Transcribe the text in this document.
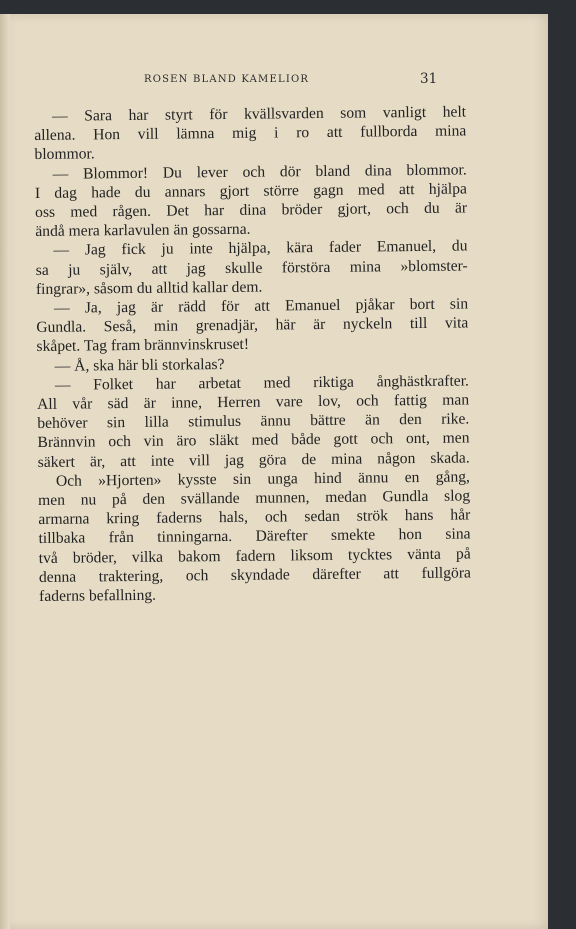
ROSEN BLAND KAMELIOR	31
— Sara har styrt för kvällsvarden som vanligt helt
allena. Hon vill lämna mig i ro att fullborda mina
blommor.
— Blommor! Du lever och dör bland dina blommor.
I dag hade du annars gjort större gagn med att hjälpa
oss med rågen. Det har dina bröder gjort, och du är
ändå mera karlavulen än gossarna.
— Jag fick ju inte hjälpa, kära fader Emanuel, du
sa ju själv, att jag skulle förstöra mina »blomster-
fingrar», såsom du alltid kallar dem.
— Ja, jag är rädd för att Emanuel pjåkar bort sin
Gundla. Seså, min grenadjär, här är nyckeln till vita
skåpet. Tag fram brännvinskruset!
— Å, ska här bli storkalas?
— Folket har arbetat med riktiga ånghästkrafter.
All vår säd är inne, Herren vare lov, och fattig man
behöver sin lilla stimulus ännu bättre än den rike.
Brännvin och vin äro släkt med både gott och ont, men
säkert är, att inte vill jag göra de mina någon skada.
Och »Hjorten» kysste sin unga hind ännu en gång,
men nu på den svällande munnen, medan Gundla slog
armarna kring faderns hals, och sedan strök hans hår
tillbaka från tinningarna. Därefter smekte hon sina
två bröder, vilka bakom fadern liksom tycktes vänta på
denna traktering, och skyndade därefter att fullgöra
faderns befallning.
